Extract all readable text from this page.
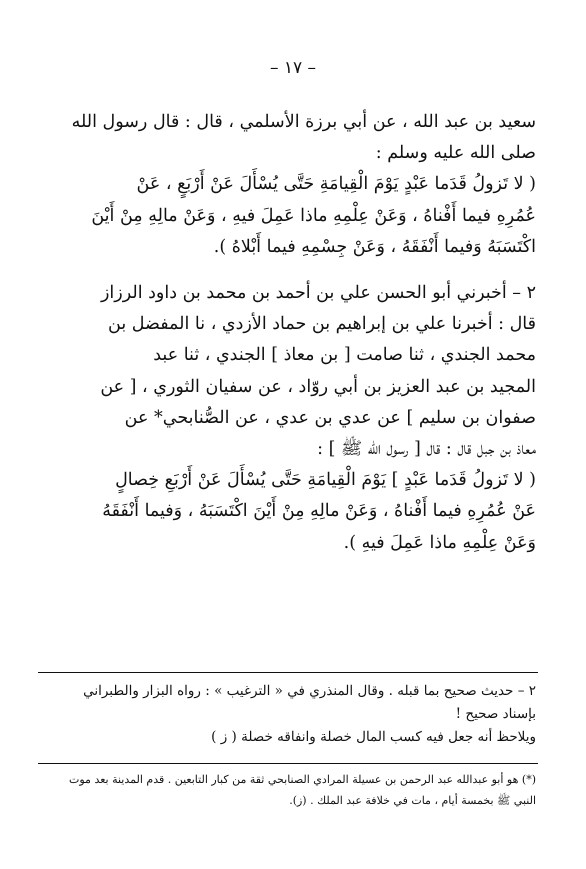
– ١٧ –

سعيد بن عبد الله ، عن أبي برزة الأسلمي ، قال : قال رسول الله

صلى الله عليه وسلم :

( لا تَزولُ قَدَما عَبْدٍ يَوْمَ الْقِيامَةِ حَتَّى يُسْأَلَ عَنْ أَرْبَعٍ ، عَنْ

عُمُرِهِ فيما أَفْناهُ ، وَعَنْ عِلْمِهِ ماذا عَمِلَ فيهِ ، وَعَنْ مالِهِ مِنْ أَيْنَ

اكْتَسَبَهُ وَفيما أَنْفَقَهُ ، وَعَنْ جِسْمِهِ فيما أَبْلاهُ ).

٢ – أخبرني أبو الحسن علي بن أحمد بن محمد بن داود الرزاز

قال : أخبرنا علي بن إبراهيم بن حماد الأزدي ، نا المفضل بن

محمد الجندي ، ثنا صامت [ بن معاذ ] الجندي ، ثنا عبد

المجيد بن عبد العزيز بن أبي روّاد ، عن سفيان الثوري ، [ عن

صفوان بن سليم ] عن عدي بن عدي ، عن الصُّنابحي* عن

معاذ بن جبل قال : قال [ رسول الله ﷺ ] :

( لا تَزولُ قَدَما عَبْدٍ ] يَوْمَ الْقِيامَةِ حَتَّى يُسْأَلَ عَنْ أَرْبَعِ خِصالٍ

عَنْ عُمُرِهِ فيما أَفْناهُ ، وَعَنْ مالِهِ مِنْ أَيْنَ اكْتَسَبَهُ ، وَفيما أَنْفَقَهُ

وَعَنْ عِلْمِهِ ماذا عَمِلَ فيهِ ).

٢ – حديث صحيح بما قبله . وقال المنذري في « الترغيب » : رواه البزار والطبراني

بإسناد صحيح !

ويلاحظ أنه جعل فيه كسب المال خصلة وانفاقه خصلة ( ز )

(*) هو أبو عبدالله عبد الرحمن بن عسيلة المرادي الصنابحي ثقة من كبار التابعين . قدم المدينة بعد موت

النبي ﷺ بخمسة أيام ، مات في خلافة عبد الملك . (ز).
